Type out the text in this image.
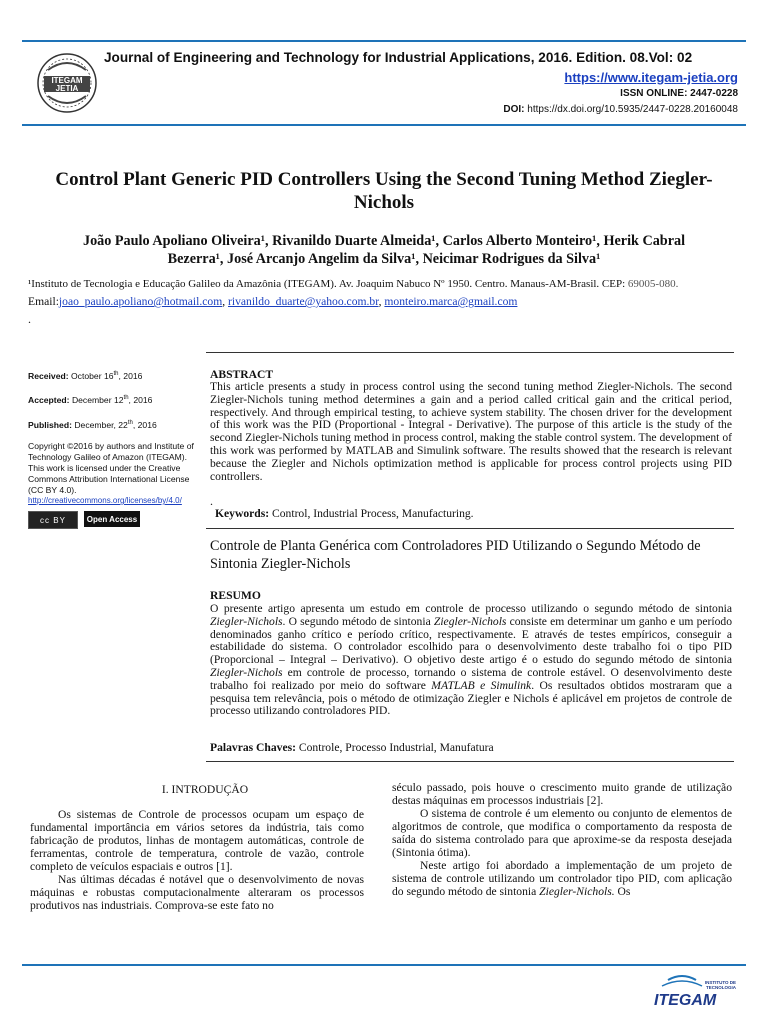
ITEGAM
JETIA
Journal of Engineering and Technology for Industrial Applications, 2016. Edition. 08.Vol: 02
https://www.itegam-jetia.org
ISSN ONLINE: 2447-0228
DOI: https://dx.doi.org/10.5935/2447-0228.20160048
Control Plant Generic PID Controllers Using the Second Tuning Method Ziegler-Nichols
João Paulo Apoliano Oliveira¹, Rivanildo Duarte Almeida¹, Carlos Alberto Monteiro¹, Herik Cabral
Bezerra¹, José Arcanjo Angelim da Silva¹, Neicimar Rodrigues da Silva¹
¹Instituto de Tecnologia e Educação Galileo da Amazônia (ITEGAM). Av. Joaquim Nabuco Nº 1950. Centro. Manaus-AM-Brasil. CEP: 69005-080.
Email:joao_paulo.apoliano@hotmail.com, rivanildo_duarte@yahoo.com.br, monteiro.marca@gmail.com
.
Received: October 16th, 2016
Accepted: December 12th, 2016
Published: December, 22th, 2016
Copyright ©2016 by authors and Institute of Technology Galileo of Amazon (ITEGAM). This work is licensed under the Creative Commons Attribution International License (CC BY 4.0).
http://creativecommons.org/licenses/by/4.0/
cc BY	Open Access
ABSTRACT
This article presents a study in process control using the second tuning method Ziegler-Nichols. The second Ziegler-Nichols tuning method determines a gain and a period called critical gain and the critical period, respectively. And through empirical testing, to achieve system stability. The chosen driver for the development of this work was the PID (Proportional - Integral - Derivative). The purpose of this article is the study of the second Ziegler-Nichols tuning method in process control, making the stable control system. The development of this work was performed by MATLAB and Simulink software. The results showed that the research is relevant because the Ziegler and Nichols optimization method is applicable for process control projects using PID controllers.
.
Keywords: Control, Industrial Process, Manufacturing.
Controle de Planta Genérica com Controladores PID Utilizando o Segundo Método de Sintonia Ziegler-Nichols
RESUMO
O presente artigo apresenta um estudo em controle de processo utilizando o segundo método de sintonia Ziegler-Nichols. O segundo método de sintonia Ziegler-Nichols consiste em determinar um ganho e um período denominados ganho crítico e período crítico, respectivamente. E através de testes empíricos, conseguir a estabilidade do sistema. O controlador escolhido para o desenvolvimento deste trabalho foi o tipo PID (Proporcional – Integral – Derivativo). O objetivo deste artigo é o estudo do segundo método de sintonia Ziegler-Nichols em controle de processo, tornando o sistema de controle estável. O desenvolvimento deste trabalho foi realizado por meio do software MATLAB e Simulink. Os resultados obtidos mostraram que a pesquisa tem relevância, pois o método de otimização Ziegler e Nichols é aplicável em projetos de controle de processo utilizando controladores PID.
Palavras Chaves: Controle, Processo Industrial, Manufatura
I. INTRODUÇÃO

Os sistemas de Controle de processos ocupam um espaço de fundamental importância em vários setores da indústria, tais como fabricação de produtos, linhas de montagem automáticas, controle de ferramentas, controle de temperatura, controle de vazão, controle completo de veículos espaciais e outros [1].

Nas últimas décadas é notável que o desenvolvimento de novas máquinas e robustas computacionalmente alteraram os processos produtivos nas industriais. Comprova-se este fato no

século passado, pois houve o crescimento muito grande de utilização destas máquinas em processos industriais [2].

O sistema de controle é um elemento ou conjunto de elementos de algoritmos de controle, que modifica o comportamento da resposta de saída do sistema controlado para que aproxime-se da resposta desejada (Sintonia ótima).

Neste artigo foi abordado a implementação de um projeto de sistema de controle utilizando um controlador tipo PID, com aplicação do segundo método de sintonia Ziegler-Nichols. Os

INSTITUTO DE TECNOLOGIA
ITEGAM
